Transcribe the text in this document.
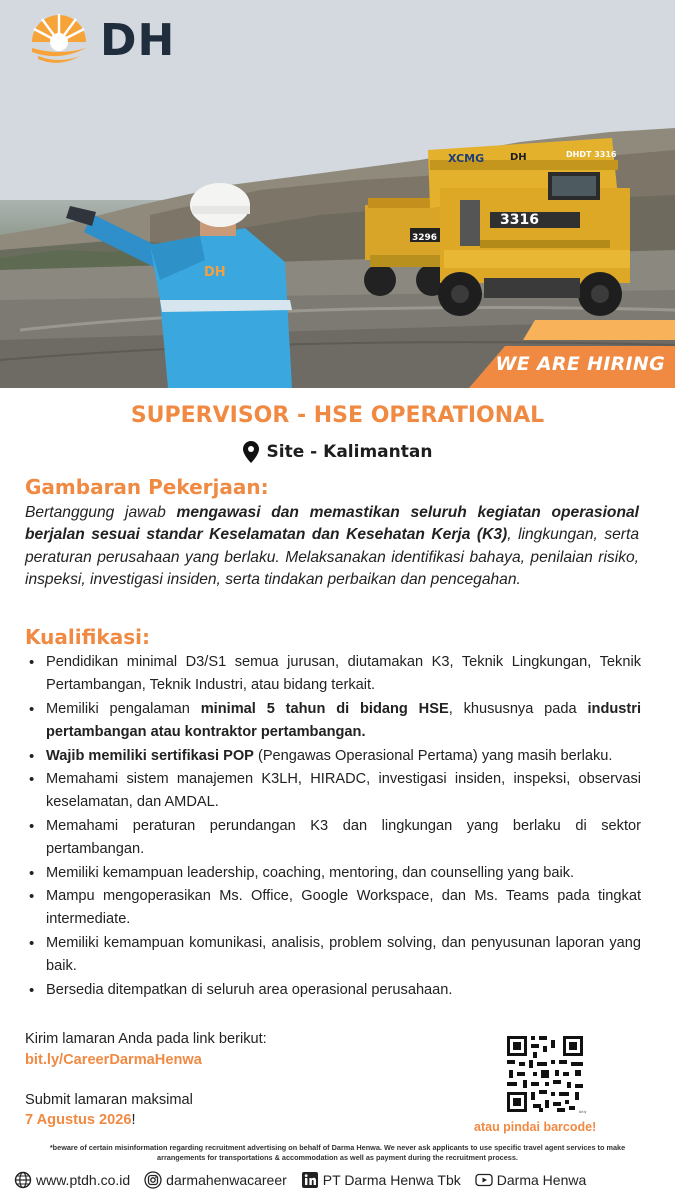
XCMG	DH	DHDT 3316
3316
3296
DH
DH
WE ARE HIRING
SUPERVISOR - HSE OPERATIONAL
Site - Kalimantan
Gambaran Pekerjaan:

Bertanggung jawab mengawasi dan memastikan seluruh kegiatan operasional berjalan sesuai standar Keselamatan dan Kesehatan Kerja (K3), lingkungan, serta peraturan perusahaan yang berlaku. Melaksanakan identifikasi bahaya, penilaian risiko, inspeksi, investigasi insiden, serta tindakan perbaikan dan pencegahan.

Kualifikasi:
• Pendidikan minimal D3/S1 semua jurusan, diutamakan K3, Teknik Lingkungan, Teknik Pertambangan, Teknik Industri, atau bidang terkait.
• Memiliki pengalaman minimal 5 tahun di bidang HSE, khususnya pada industri pertambangan atau kontraktor pertambangan.
• Wajib memiliki sertifikasi POP (Pengawas Operasional Pertama) yang masih berlaku.
• Memahami sistem manajemen K3LH, HIRADC, investigasi insiden, inspeksi, observasi keselamatan, dan AMDAL.
• Memahami peraturan perundangan K3 dan lingkungan yang berlaku di sektor pertambangan.
• Memiliki kemampuan leadership, coaching, mentoring, dan counselling yang baik.
• Mampu mengoperasikan Ms. Office, Google Workspace, dan Ms. Teams pada tingkat intermediate.
• Memiliki kemampuan komunikasi, analisis, problem solving, dan penyusunan laporan yang baik.
• Bersedia ditempatkan di seluruh area operasional perusahaan.
Kirim lamaran Anda pada link berikut:
bit.ly/CareerDarmaHenwa
Submit lamaran maksimal
7 Agustus 2026!	bitly
atau pindai barcode!
*beware of certain misinformation regarding recruitment advertising on behalf of Darma Henwa. We never ask applicants to use specific travel agent services to make arrangements for transportations & accommodation as well as payment during the recruitment process.
www.ptdh.co.id	darmahenwacareer	PT Darma Henwa Tbk	Darma Henwa
